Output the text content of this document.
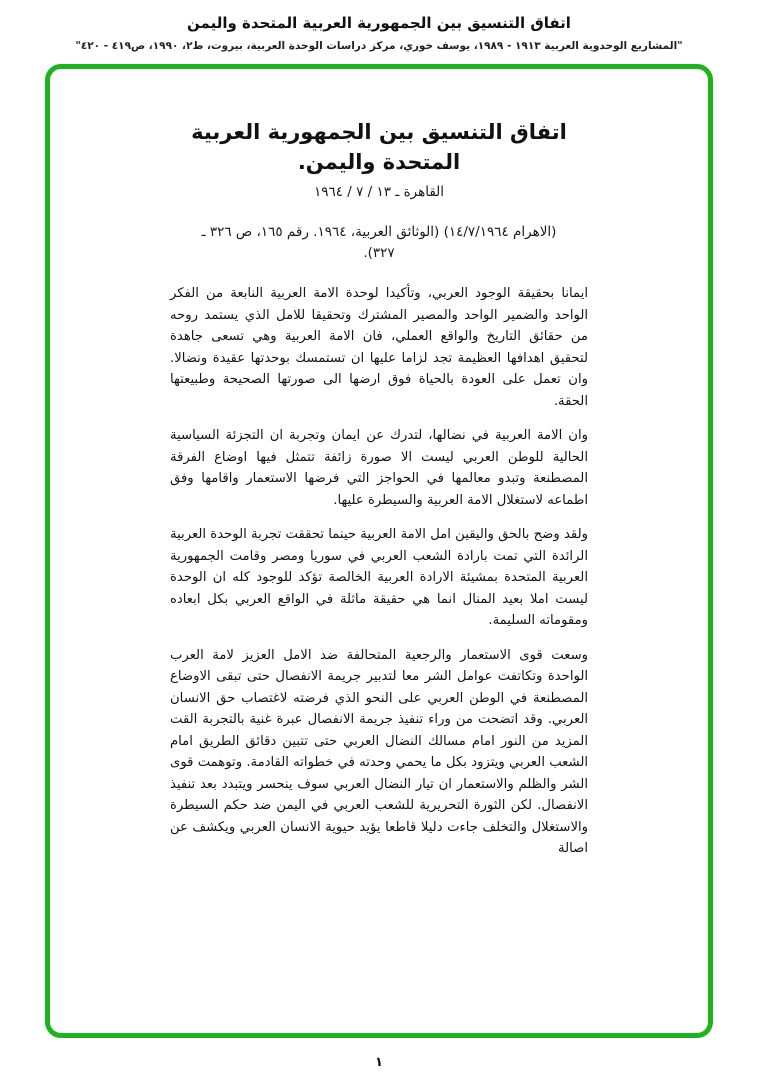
اتفاق التنسيق بين الجمهورية العربية المتحدة واليمن
"المشاريع الوحدوية العربية ١٩١٣ - ١٩٨٩، يوسف خوري، مركز دراسات الوحدة العربية، بيروت، ط٢، ١٩٩٠، ص٤١٩ - ٤٢٠"
اتفاق التنسيق بين الجمهورية العربية
المتحدة واليمن.
القاهرة ـ ١٣ / ٧ / ١٩٦٤
(الاهرام ١٤/٧/١٩٦٤) (الوثائق العربية، ١٩٦٤. رقم ١٦٥، ص ٣٢٦ ـ ٣٢٧).

ايمانا بحقيقة الوجود العربي، وتأكيدا لوحدة الامة العربية النابعة من الفكر الواحد والضمير الواحد والمصير المشترك وتحقيقا للامل الذي يستمد روحه من حقائق التاريخ والواقع العملي، فان الامة العربية وهي تسعى جاهدة لتحقيق اهدافها العظيمة تجد لزاما عليها ان تستمسك بوحدتها عقيدة ونضالا. وان تعمل على العودة بالحياة فوق ارضها الى صورتها الصحيحة وطبيعتها الحقة.

وان الامة العربية في نضالها، لتدرك عن ايمان وتجربة ان التجزئة السياسية الحالية للوطن العربي ليست الا صورة زائفة تتمثل فيها اوضاع الفرقة المصطنعة وتبدو معالمها في الحواجز التي فرضها الاستعمار واقامها وفق اطماعه لاستغلال الامة العربية والسيطرة عليها.

ولقد وضح بالحق واليقين امل الامة العربية حينما تحققت تجربة الوحدة العربية الرائدة التي تمت بارادة الشعب العربي في سوريا ومصر وقامت الجمهورية العربية المتحدة بمشيئة الارادة العربية الخالصة تؤكد للوجود كله ان الوحدة ليست املا بعيد المنال انما هي حقيقة ماثلة في الواقع العربي بكل ابعاده ومقوماته السليمة.

وسعت قوى الاستعمار والرجعية المتحالفة ضد الامل العزيز لامة العرب الواحدة وتكاتفت عوامل الشر معا لتدبير جريمة الانفصال حتى تبقى الاوضاع المصطنعة في الوطن العربي على النحو الذي فرضته لاغتصاب حق الانسان العربي. وقد اتضحت من وراء تنفيذ جريمة الانفصال عبرة غنية بالتجربة القت المزيد من النور امام مسالك النضال العربي حتى تتبين دقائق الطريق امام الشعب العربي ويتزود بكل ما يحمي وحدته في خطواته القادمة. وتوهمت قوى الشر والظلم والاستعمار ان تيار النضال العربي سوف ينحسر ويتبدد بعد تنفيذ الانفصال. لكن الثورة التحريرية للشعب العربي في اليمن ضد حكم السيطرة والاستغلال والتخلف جاءت دليلا قاطعا يؤيد حيوية الانسان العربي ويكشف عن اصالة

١
